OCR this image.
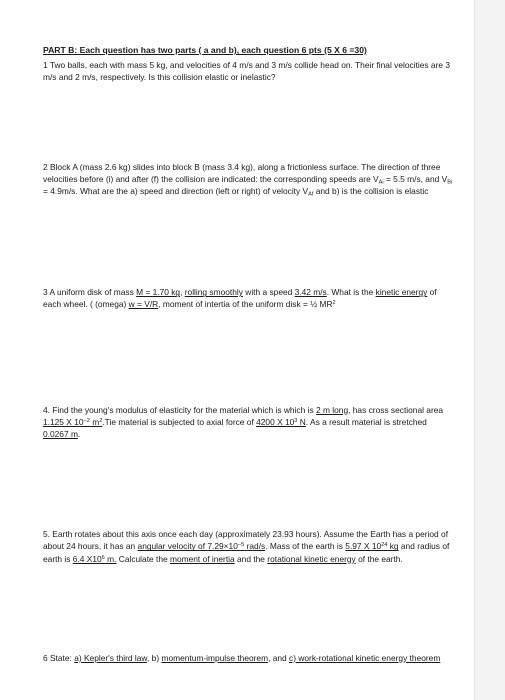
PART B: Each question has two parts ( a and b), each question 6 pts (5 X 6 =30)

1 Two balls, each with mass 5 kg, and velocities of 4 m/s and 3 m/s collide head on. Their final velocities are 3 m/s and 2 m/s, respectively. Is this collision elastic or inelastic?

2 Block A (mass 2.6 kg) slides into block B (mass 3.4 kg), along a frictionless surface. The direction of three velocities before (i) and after (f) the collision are indicated: the corresponding speeds are $V_{Ai} = 5.5$ m/s, and $V_{Bi} = 4.9m/s$. What are the a) speed and direction (left or right) of velocity $V_{Af}$ and b) is the collision is elastic

3 A uniform disk of mass M = 1.70 kg, rolling smoothly with a speed 3.42 m/s. What is the kinetic energy of each wheel. ( (omega) w = V/R, moment of intertia of the uniform disk = ½ $MR^2$

4. Find the young's modulus of elasticity for the material which is which is 2 m long, has cross sectional area 1.125 X $10^{-2}$ $m^2.Tie$ material is subjected to axial force of 4200 X $10^3$ N. As a result material is stretched 0.0267 m.

5. Earth rotates about this axis once each day (approximately 23.93 hours). Assume the Earth has a period of about 24 hours, it has an angular velocity of $7.29\times 10^{-5}$ rad/s. Mass of the earth is 5.97 X $10^{24}$ kg and radius of earth is 6.4 $X10^6$ m. Calculate the moment of inertia and the rotational kinetic energy of the earth.

6 State: a) Kepler's third law, b) momentum-impulse theorem, and c) work-rotational kinetic energy theorem
